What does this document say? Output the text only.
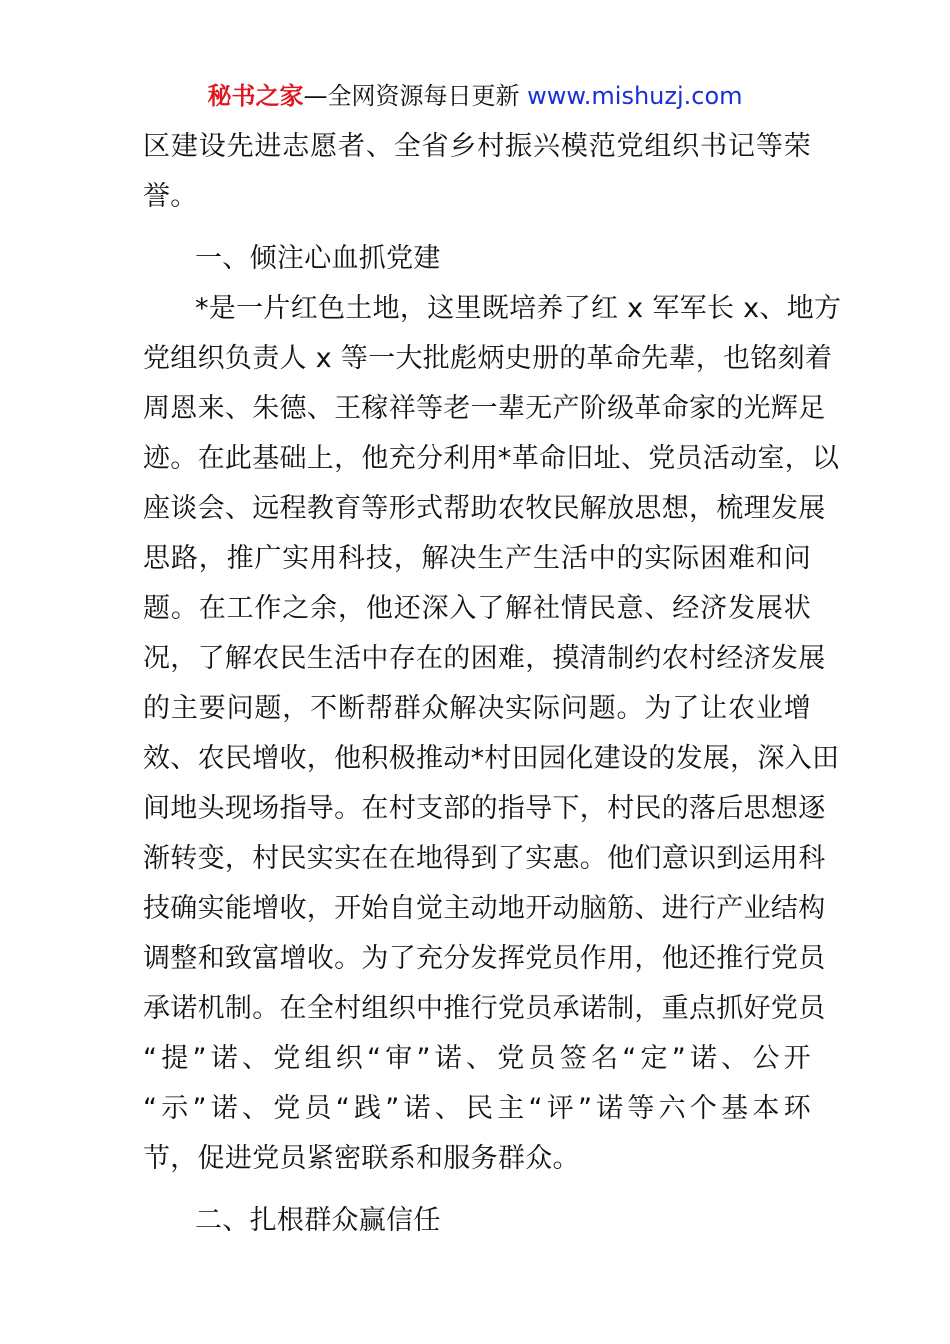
秘书之家—全网资源每日更新 www.mishuzj.com

区建设先进志愿者、全省乡村振兴模范党组织书记等荣
誉。

一、倾注心血抓党建

*是一片红色土地，这里既培养了红 x 军军长 x、地方
党组织负责人 x 等一大批彪炳史册的革命先辈，也铭刻着
周恩来、朱德、王稼祥等老一辈无产阶级革命家的光辉足
迹。在此基础上，他充分利用*革命旧址、党员活动室，以
座谈会、远程教育等形式帮助农牧民解放思想，梳理发展
思路，推广实用科技，解决生产生活中的实际困难和问
题。在工作之余，他还深入了解社情民意、经济发展状
况，了解农民生活中存在的困难，摸清制约农村经济发展
的主要问题，不断帮群众解决实际问题。为了让农业增
效、农民增收，他积极推动*村田园化建设的发展，深入田
间地头现场指导。在村支部的指导下，村民的落后思想逐
渐转变，村民实实在在地得到了实惠。他们意识到运用科
技确实能增收，开始自觉主动地开动脑筋、进行产业结构
调整和致富增收。为了充分发挥党员作用，他还推行党员
承诺机制。在全村组织中推行党员承诺制，重点抓好党员
“提”诺、党组织“审”诺、党员签名“定”诺、公开
“示”诺、党员“践”诺、民主“评”诺等六个基本环
节，促进党员紧密联系和服务群众。

二、扎根群众赢信任
